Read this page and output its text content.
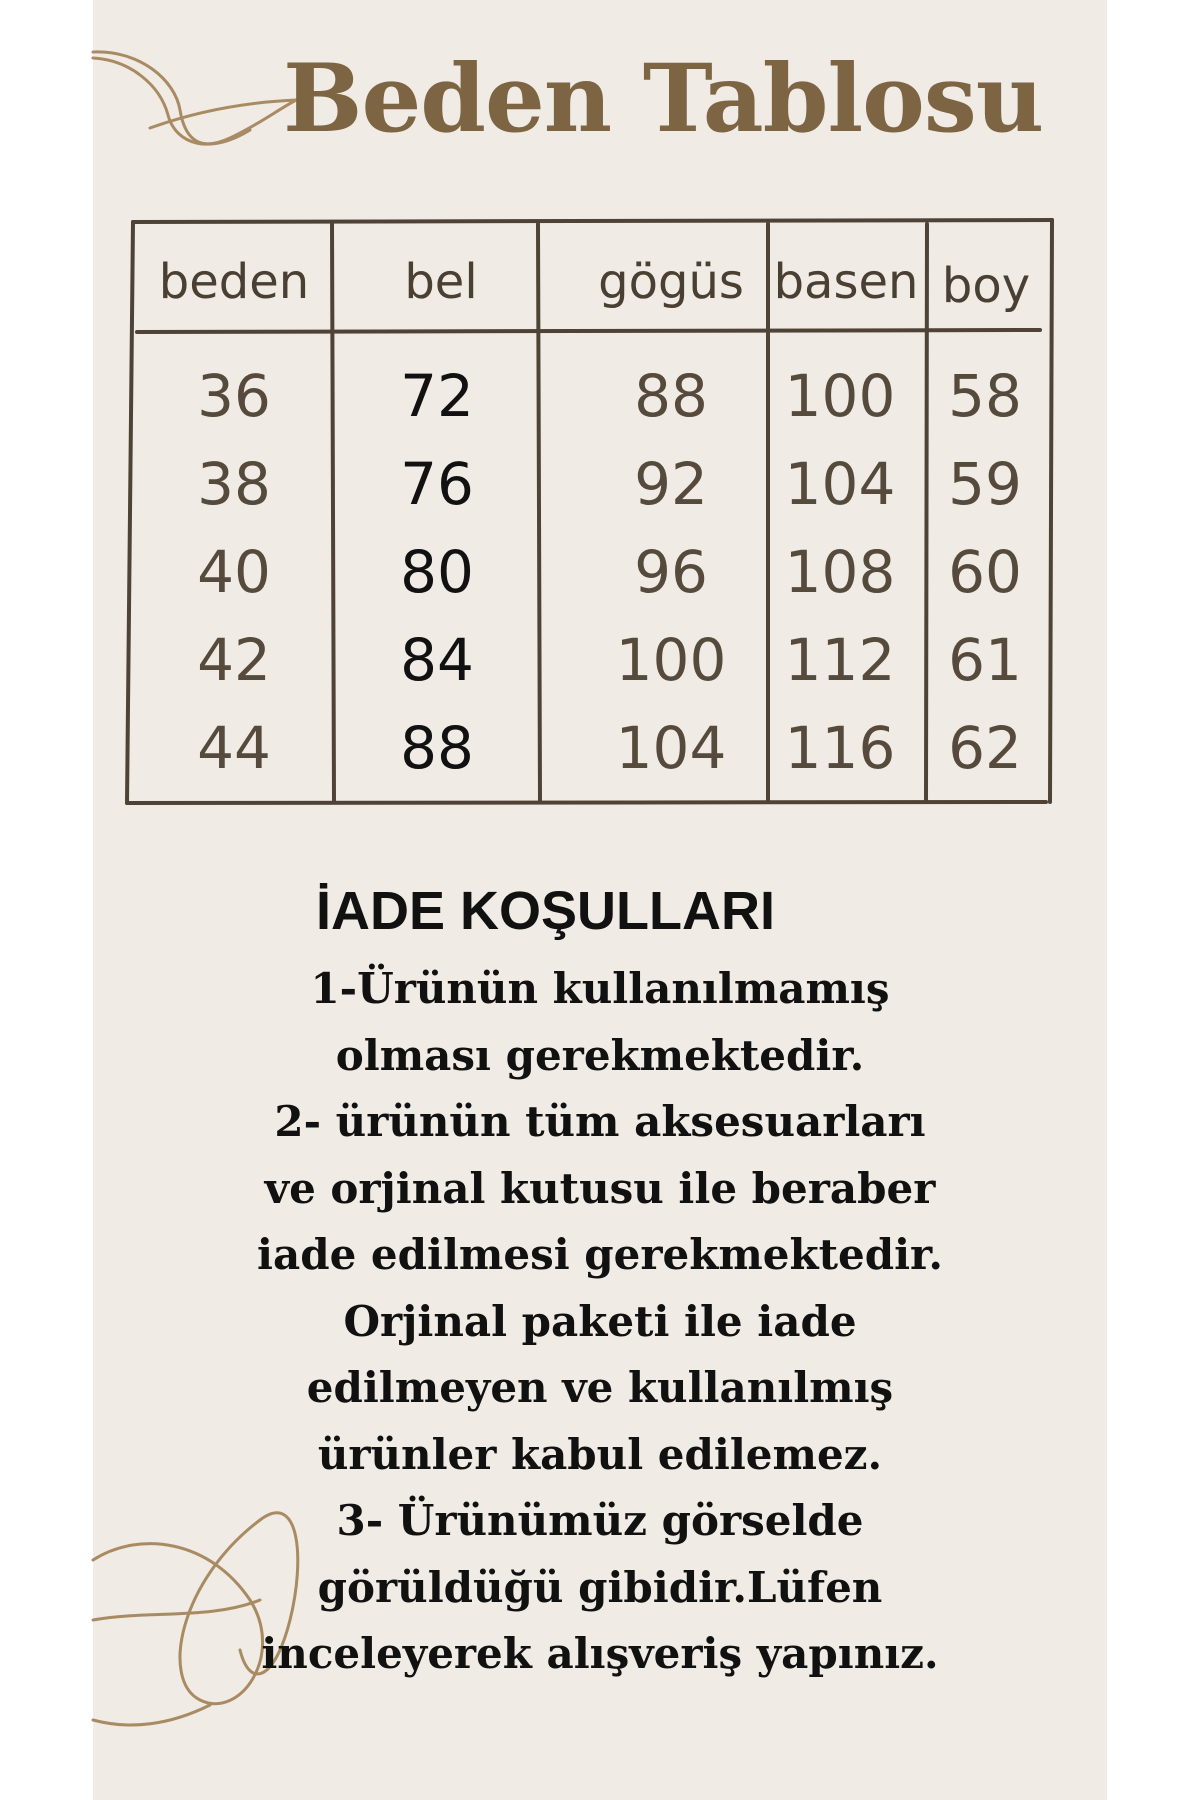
Beden Tablosu
beden bel	gögüs basen boy
36 72	88 100 58
38 76	92 104 59
40 80	96 108 60
42 84 100 112 61
44 88 104 116 62
İADE KOŞULLARI
1-Ürünün kullanılmamış
olması gerekmektedir.
2- ürünün tüm aksesuarları
ve orjinal kutusu ile beraber
iade edilmesi gerekmektedir.
Orjinal paketi ile iade
edilmeyen ve kullanılmış
ürünler kabul edilemez.
3- Ürünümüz görselde
görüldüğü gibidir.Lüfen
inceleyerek alışveriş yapınız.
